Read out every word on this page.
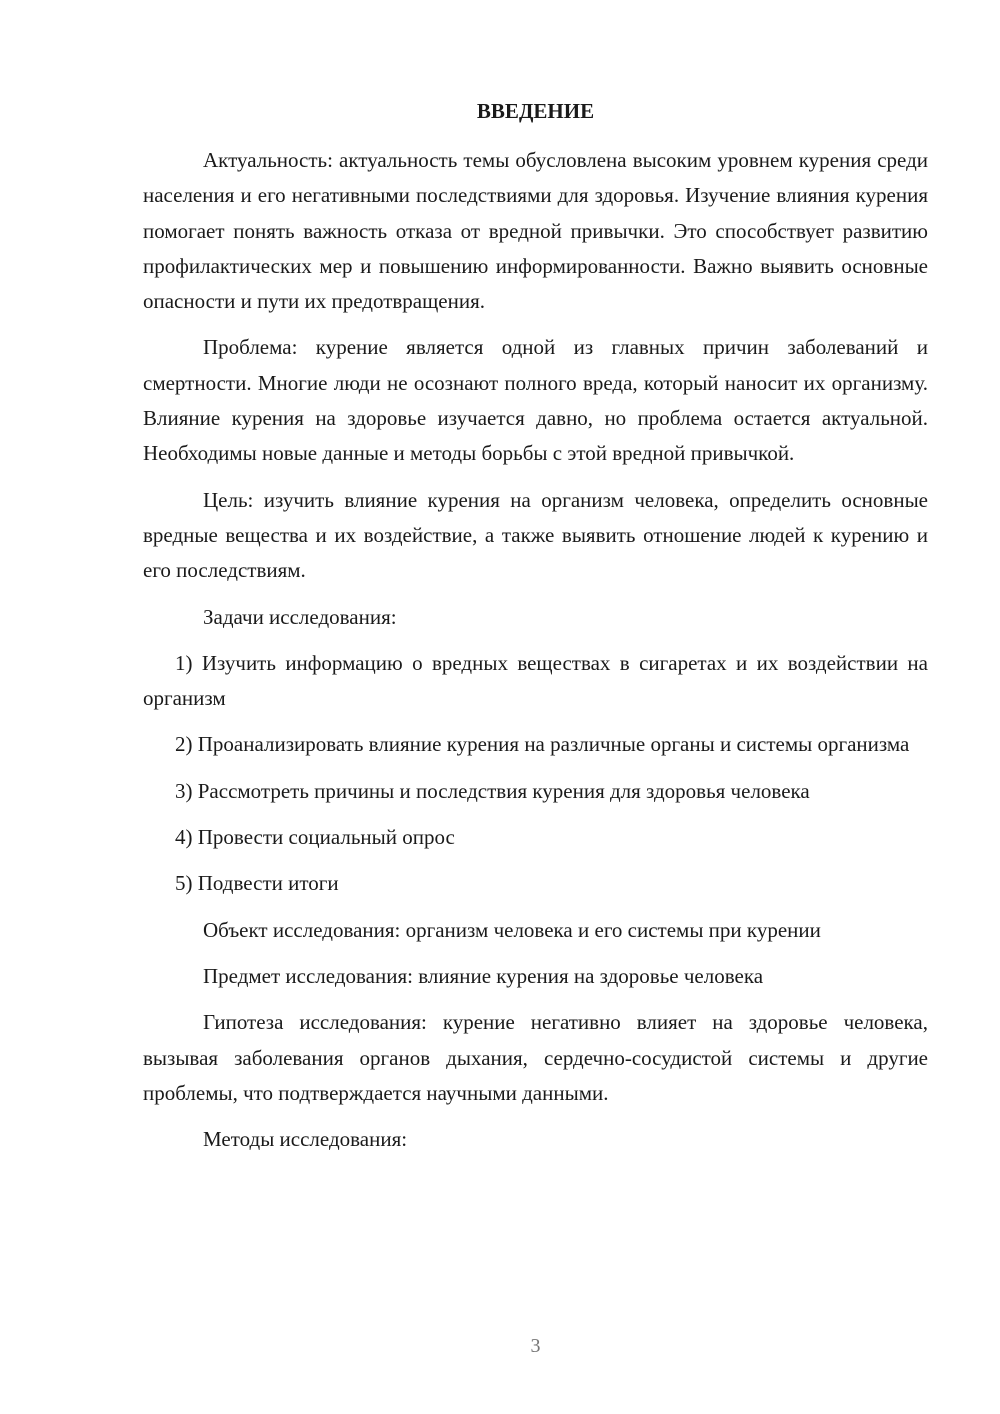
ВВЕДЕНИЕ

Актуальность: актуальность темы обусловлена высоким уровнем курения среди населения и его негативными последствиями для здоровья. Изучение влияния курения помогает понять важность отказа от вредной привычки. Это способствует развитию профилактических мер и повышению информированности. Важно выявить основные опасности и пути их предотвращения.

Проблема: курение является одной из главных причин заболеваний и смертности. Многие люди не осознают полного вреда, который наносит их организму. Влияние курения на здоровье изучается давно, но проблема остается актуальной. Необходимы новые данные и методы борьбы с этой вредной привычкой.

Цель: изучить влияние курения на организм человека, определить основные вредные вещества и их воздействие, а также выявить отношение людей к курению и его последствиям.

Задачи исследования:

1) Изучить информацию о вредных веществах в сигаретах и их воздействии на организм

2) Проанализировать влияние курения на различные органы и системы организма

3) Рассмотреть причины и последствия курения для здоровья человека

4) Провести социальный опрос

5) Подвести итоги

Объект исследования: организм человека и его системы при курении

Предмет исследования: влияние курения на здоровье человека

Гипотеза исследования: курение негативно влияет на здоровье человека, вызывая заболевания органов дыхания, сердечно-сосудистой системы и другие проблемы, что подтверждается научными данными.

Методы исследования:

3
